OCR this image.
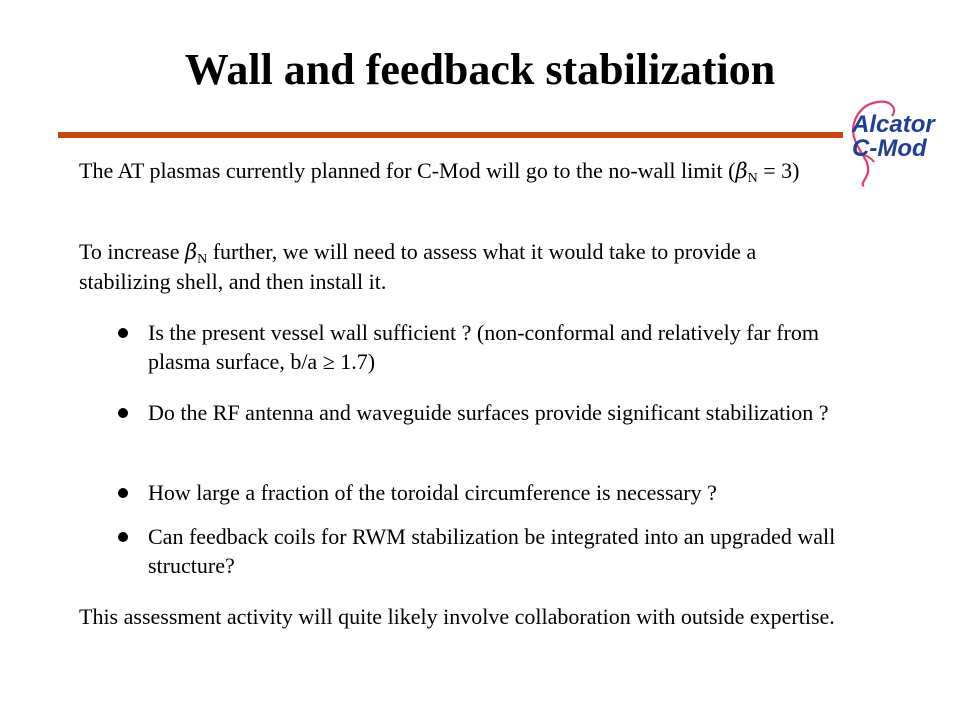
Wall and feedback stabilization
Alcator
C-Mod

The AT plasmas currently planned for C-Mod will go to the no-wall limit $(\beta_N = 3)$

To increase $\beta_N$ further, we will need to assess what it would take to provide a stabilizing shell, and then install it.

Is the present vessel wall sufficient ? (non-conformal and relatively far from plasma surface, b/a ≥ 1.7)
Do the RF antenna and waveguide surfaces provide significant stabilization ?
How large a fraction of the toroidal circumference is necessary ?
Can feedback coils for RWM stabilization be integrated into an upgraded wall structure?

This assessment activity will quite likely involve collaboration with outside expertise.
